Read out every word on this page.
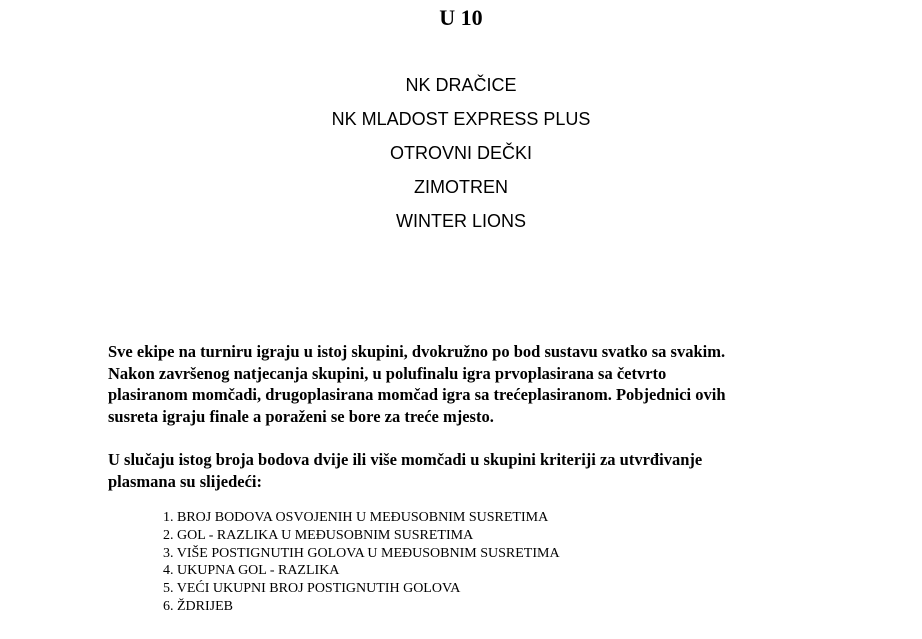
U 10
NK DRAČICE
NK MLADOST EXPRESS PLUS
OTROVNI DEČKI
ZIMOTREN
WINTER LIONS

Sve ekipe na turniru igraju u istoj skupini, dvokružno po bod sustavu svatko sa svakim.
Nakon završenog natjecanja skupini, u polufinalu igra prvoplasirana sa četvrto
plasiranom momčadi, drugoplasirana momčad igra sa trećeplasiranom. Pobjednici ovih
susreta igraju finale a poraženi se bore za treće mjesto.

U slučaju istog broja bodova dvije ili više momčadi u skupini kriteriji za utvrđivanje
plasmana su slijedeći:

1. BROJ BODOVA OSVOJENIH U MEĐUSOBNIM SUSRETIMA
2. GOL - RAZLIKA U MEĐUSOBNIM SUSRETIMA
3. VIŠE POSTIGNUTIH GOLOVA U MEĐUSOBNIM SUSRETIMA
4. UKUPNA GOL - RAZLIKA
5. VEĆI UKUPNI BROJ POSTIGNUTIH GOLOVA
6. ŽDRIJEB
